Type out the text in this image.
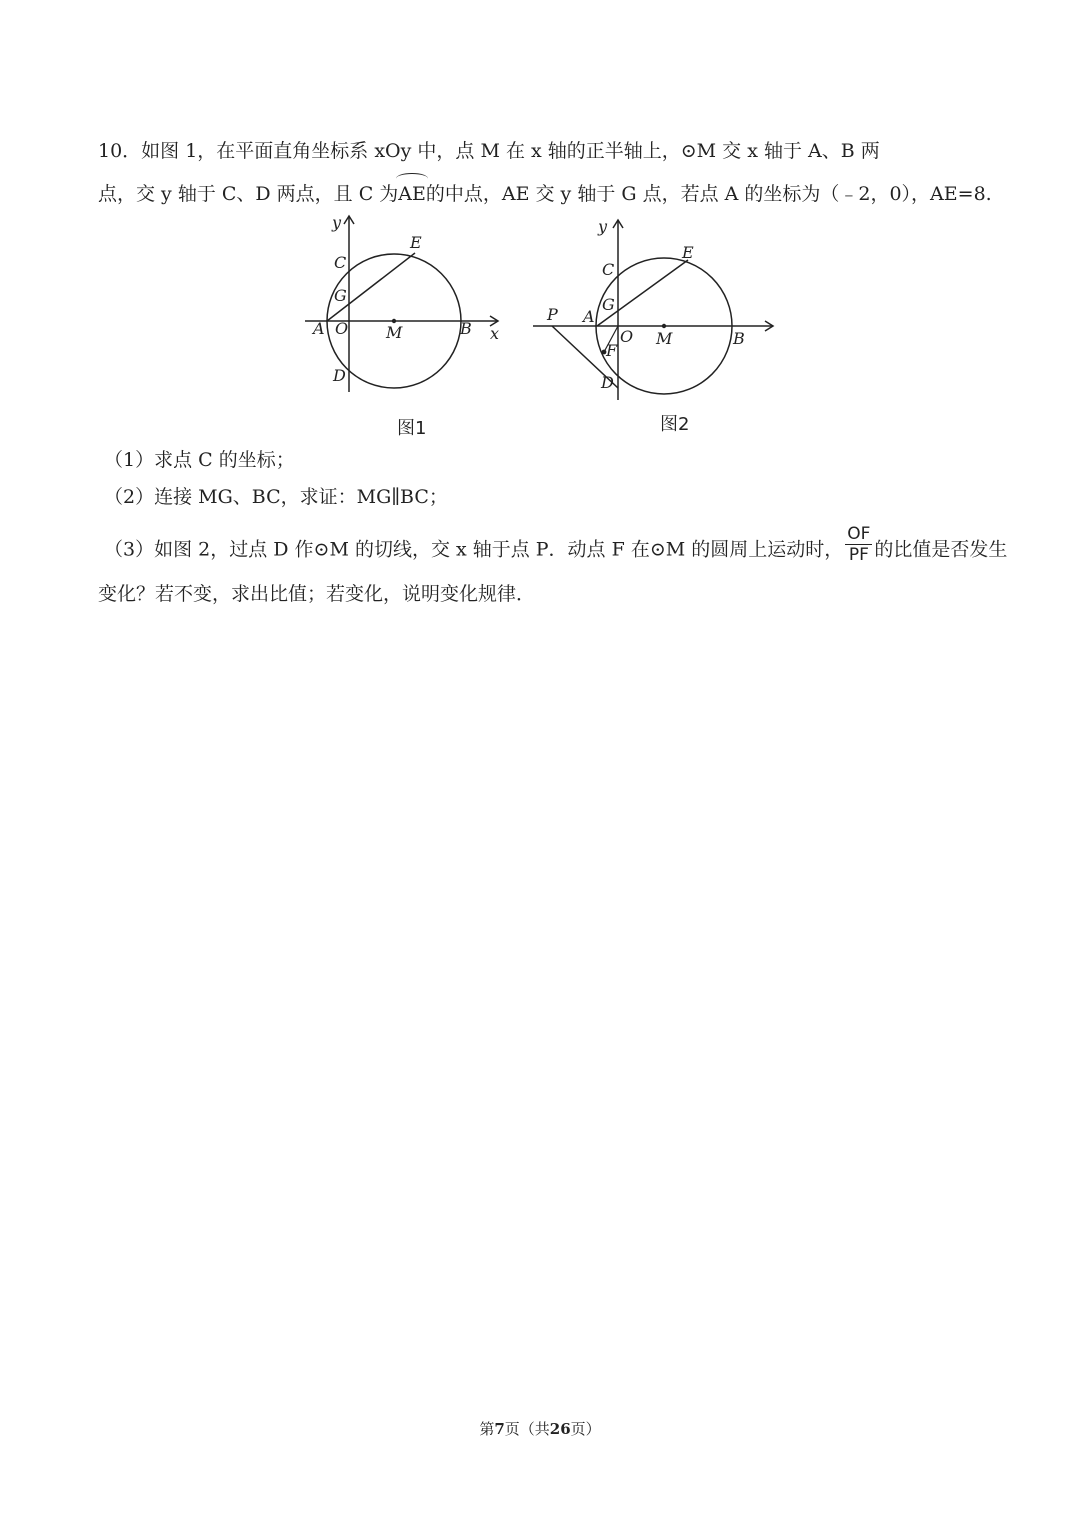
10．如图 1，在平面直角坐标系 xOy 中，点 M 在 x 轴的正半轴上，⊙M 交 x 轴于 A、B 两
点，交 y 轴于 C、D 两点，且 C 为
AE的中点，AE 交 y 轴于 G 点，若点 A 的坐标为（﹣2，0），AE=8.
y
x
A O M	B
C
G
D
E
图1
y
P A
O M	B
C
G
F
D
E
图2
（1）求点 C 的坐标；
（2）连接 MG、BC，求证：MG∥BC；
（3）如图 2，过点 D 作⊙M 的切线，交 x 轴于点 P．动点 F 在⊙M 的圆周上运动时， $\frac{OF}{PF}$ 的比值是否发生
变化？若不变，求出比值；若变化，说明变化规律．
第7页（共26页）
